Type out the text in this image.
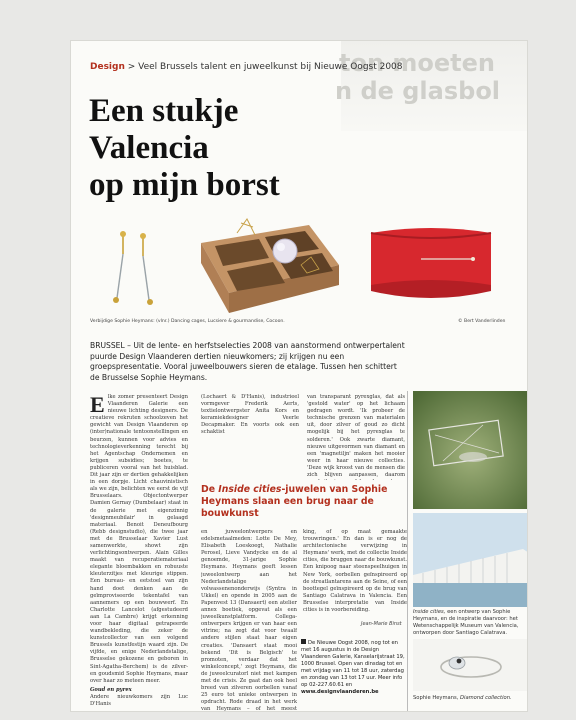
ton moeten
n de glasbol
Design > Veel Brussels talent en juweelkunst bij Nieuwe Oogst 2008
Een stukje Valencia
op mijn borst
Verbijdige Sophie Heymans: (vlnr.) Dancing cages, Lucsiere & gourmandise, Cocoon.	© Bert Vanderlinden
BRUSSEL – Uit de lente- en herfstselecties 2008 van aanstormend ontwerpertalent puurde Design Vlaanderen dertien nieuwkomers; zij krijgen nu een groepspresentatie. Vooral juweelbouwers sieren de etalage. Tussen hen schittert de Brusselse Sophie Heymans.
Elke zomer presenteert Design Vlaanderen Galerie een nieuwe lichting designers. De creatieve rekruten schoolzeven het gewicht van Design Vlaanderen op (inter)nationale tentoonstellingen en beurzen, kunnen voor advies en technologieverkenning terecht bij het Agentschap Ondernemen en krijgen subsidies; boetes, te publiceren vooral van het huisblad. Dit jaar zijn er dertien gehakkelijken in een dorpje. Licht chauvinistisch als we zijn, belichten we eerst de vijf Brusselaars. Objectontwerper Damien Gernay (Dumbelaar) staat in de galerie met eigenzinnig 'designmeubilair' in gelaagd materiaal. Benoit Deneufbourg (Rebb designstudio), die twee jaar met de Brusselaar Xavier Lust samenwerkte, showt zijn verlichtingsontwerpen. Alain Gilles maakt van recuperatiemateriaal elegante bloembakken en robuuste kleuterzitjes met kleurige stippen. Een bureau- en eetstoel van zijn hand doet denken aan de geïmproviseerde tekentafel van aannemers op een bouwwerf. En Charlotte Lancelot (afgestudeerd aan La Cambre) krijgt erkenning voor haar digitaal getrapeerde wandbekleding, die zeker de kunstcollector van een volgend Brussels kunstfestijn waard zijn. De vijfde, en enige Nederlandstalige, Brusselse gekozene en geboren in Sint-Agatha-Berchem) is de zilver- en goudsmid Sophie Heymans, maar over haar zo meteen meer.
Goud en pyrex
Andere nieuwkomers zijn Luc D'Hanis
(Lochaert & D'Hanis), industrieel vormgever Frederik Aerts, textielontwerpster Anita Kors en keramiekdesigner Veerle Decapmaker. En voorts ook een schaktist
van transparant pyrexglas, dat als 'gestold water' op het lichaam gedragen wordt. 'Ik probeer de technische grenzen van materialen uit, door zilver of goud zo dicht mogelijk bij het pyrexglas te solderen.' Ook zwarte diamant, nieuwe uitgevormen van diamant en een 'magnetiljn' maken het mooier weer in haar nieuwe collecties. 'Deze wijk kroost van de mensen die zich blijven aanpassen, daarom
De Inside cities-juwelen van Sophie Heymans slaan een brug naar de bouwkunst
en juweelontwerpers en edelsmetaalmeden: Lotte De Mey, Elisabeth Loeskoegt, Nathalie Perosel, Lieve Vandycke en de al genoemde, 31-jarige Sophie Heymans. Heymans geeft lessen juweelontwerp aan het Nederlandstalige volwassenenonderwijs (Syntra in Ukkel) en opende in 2005 aan de Papenvest 13 (Dansaert) een atelier annex boetiek, opgevat als een juweelkunstplatform. Collega-ontwerpers krijgen er van haar een vitrine; na zegt dat voor twaalf andere stijlen staat haar eigen creaties. 'Dansaert staat mooi bekend 'Dit is Belgisch' te promoten, verdaar dat het winkelconcept,' zegt Heymans, die de juweelcuratorl niet met kampen met de crisis. Ze gaat dan ook heel breed van zilveren oorbellen vanaf 25 euro tot unieke ontwerpen in opdracht. Rode draad in het werk van Heymans – of het meest
king, of op maat gemaakte trouwringen.' En dan is er nog de architectonische verwijzing in Heymans' werk, met de collectie Inside cities, die bruggen naar de bouwkunst. Een knipoog naar steenspeelhuigen in New York, oorbellen geïnspireerd op de streatlantarens aan de Seine, of een boottegel geïnspireerd op de brug van Santiago Calatrava in Valencia. Een Brusselse interpretatie van Inside cities is in voorbereiding.
Jean-Marie Binst
De Nieuwe Oogst 2008, nog tot en met 16 augustus in de Design Vlaanderen Galerie, Kanselarijstraat 19, 1000 Brussel. Open van dinsdag tot en met vrijdag van 11 tot 18 uur, zaterdag en zondag van 13 tot 17 uur. Meer info op 02-227.60.61 en www.designvlaanderen.be
Inside cities, een ontwerp van Sophie Heymans, en de inspiratie daarvoor: het Wetenschappelijk Museum van Valencia, ontworpen door Santiago Calatrava.
Sophie Heymans, Diamond collection.
